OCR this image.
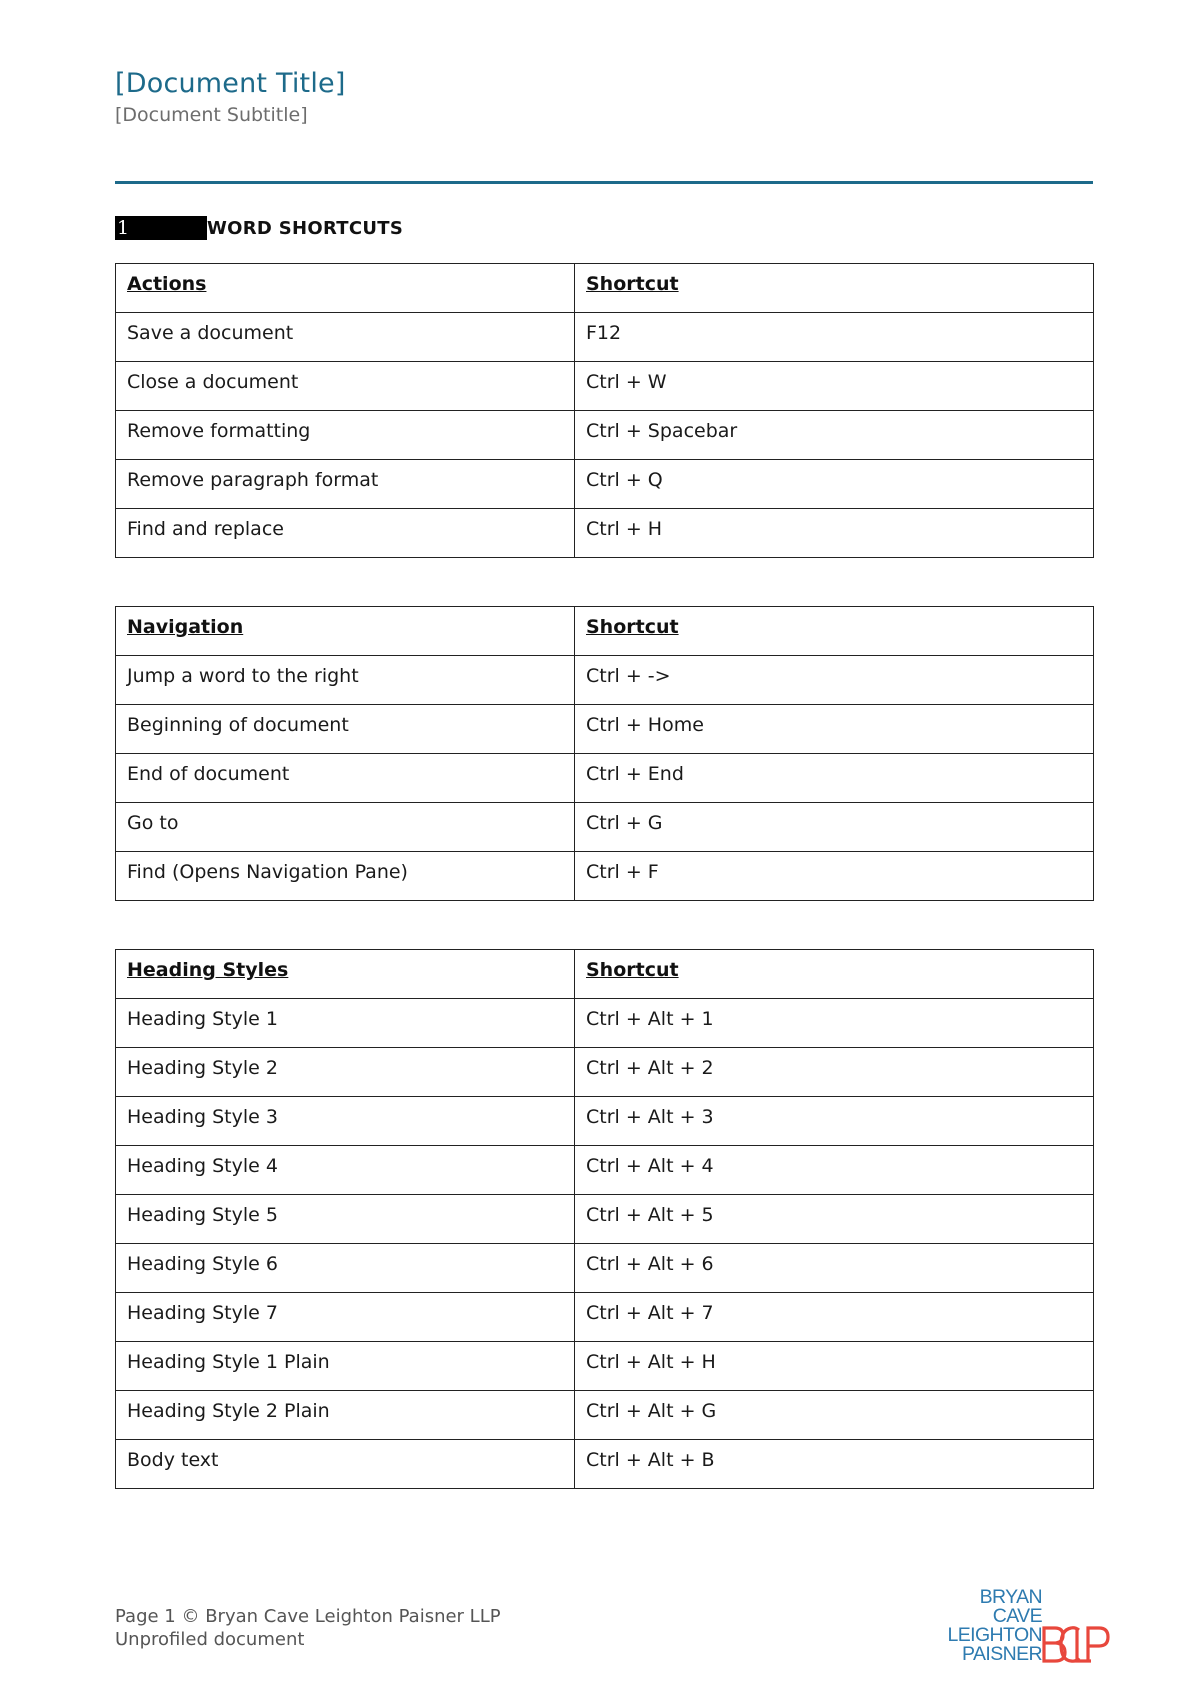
[Document Title]
[Document Subtitle]
1	WORD SHORTCUTS
Actions	Shortcut
Save a document	F12
Close a document	Ctrl + W
Remove formatting	Ctrl + Spacebar
Remove paragraph format	Ctrl + Q
Find and replace	Ctrl + H
Navigation	Shortcut
Jump a word to the right	Ctrl + ->
Beginning of document	Ctrl + Home
End of document	Ctrl + End
Go to	Ctrl + G
Find (Opens Navigation Pane)	Ctrl + F
Heading Styles	Shortcut
Heading Style 1	Ctrl + Alt + 1
Heading Style 2	Ctrl + Alt + 2
Heading Style 3	Ctrl + Alt + 3
Heading Style 4	Ctrl + Alt + 4
Heading Style 5	Ctrl + Alt + 5
Heading Style 6	Ctrl + Alt + 6
Heading Style 7	Ctrl + Alt + 7
Heading Style 1 Plain	Ctrl + Alt + H
Heading Style 2 Plain	Ctrl + Alt + G
Body text	Ctrl + Alt + B
Page 1 © Bryan Cave Leighton Paisner LLP
Unprofiled document
BRYAN
CAVE
LEIGHTON
PAISNER
